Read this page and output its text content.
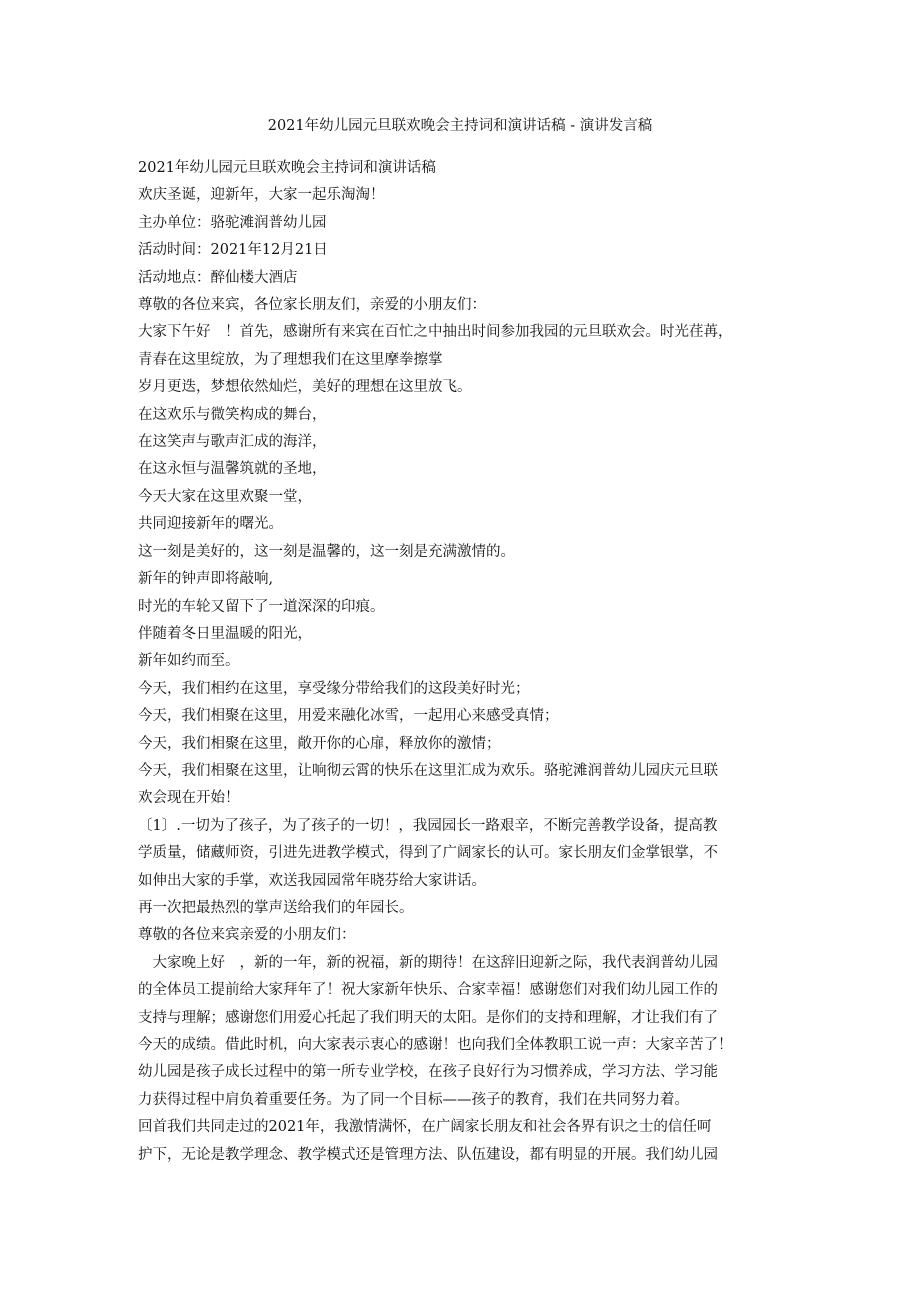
2021年幼儿园元旦联欢晚会主持词和演讲话稿 - 演讲发言稿

2021年幼儿园元旦联欢晚会主持词和演讲话稿

欢庆圣诞，迎新年，大家一起乐淘淘！

主办单位：骆驼滩润普幼儿园

活动时间：2021年12月21日

活动地点：醉仙楼大酒店

尊敬的各位来宾，各位家长朋友们，亲爱的小朋友们：

大家下午好　！首先，感谢所有来宾在百忙之中抽出时间参加我园的元旦联欢会。时光荏苒，

青春在这里绽放，为了理想我们在这里摩拳擦掌

岁月更迭，梦想依然灿烂，美好的理想在这里放飞。

在这欢乐与微笑构成的舞台，

在这笑声与歌声汇成的海洋，

在这永恒与温馨筑就的圣地，

今天大家在这里欢聚一堂，

共同迎接新年的曙光。

这一刻是美好的，这一刻是温馨的，这一刻是充满激情的。

新年的钟声即将敲响,

时光的车轮又留下了一道深深的印痕。

伴随着冬日里温暖的阳光，

新年如约而至。

今天，我们相约在这里，享受缘分带给我们的这段美好时光；

今天，我们相聚在这里，用爱来融化冰雪，一起用心来感受真情；

今天，我们相聚在这里，敞开你的心扉，释放你的激情；

今天，我们相聚在这里，让响彻云霄的快乐在这里汇成为欢乐。骆驼滩润普幼儿园庆元旦联

欢会现在开始！

〔1〕.一切为了孩子，为了孩子的一切！，我园园长一路艰辛，不断完善教学设备，提高教

学质量，储藏师资，引进先进教学模式，得到了广阔家长的认可。家长朋友们金掌银掌，不

如伸出大家的手掌，欢送我园园常年晓芬给大家讲话。

再一次把最热烈的掌声送给我们的年园长。

尊敬的各位来宾亲爱的小朋友们：

　大家晚上好　，新的一年，新的祝福，新的期待！在这辞旧迎新之际，我代表润普幼儿园

的全体员工提前给大家拜年了！祝大家新年快乐、合家幸福！感谢您们对我们幼儿园工作的

支持与理解；感谢您们用爱心托起了我们明天的太阳。是你们的支持和理解，才让我们有了

今天的成绩。借此时机，向大家表示衷心的感谢！也向我们全体教职工说一声：大家辛苦了！

幼儿园是孩子成长过程中的第一所专业学校，在孩子良好行为习惯养成，学习方法、学习能

力获得过程中肩负着重要任务。为了同一个目标——孩子的教育，我们在共同努力着。

回首我们共同走过的2021年，我激情满怀，在广阔家长朋友和社会各界有识之士的信任呵

护下，无论是教学理念、教学模式还是管理方法、队伍建设，都有明显的开展。我们幼儿园
